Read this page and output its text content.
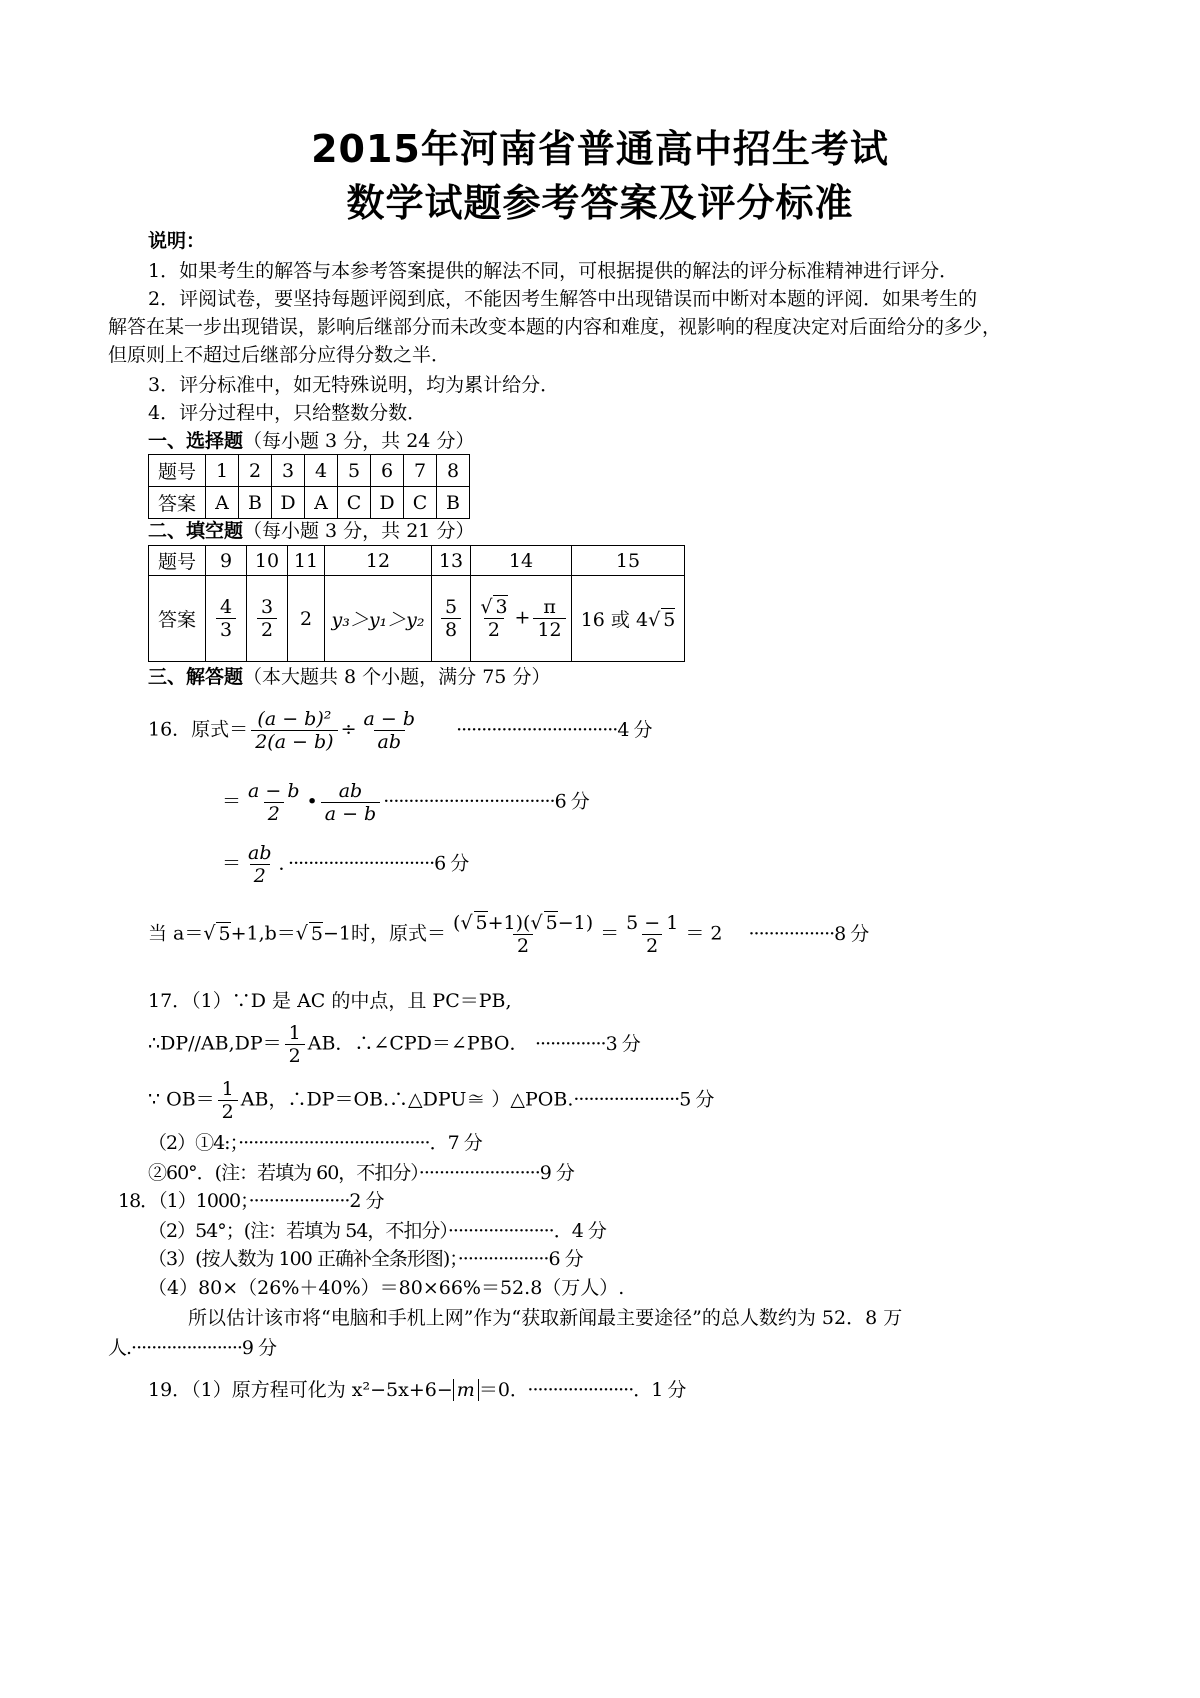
2015年河南省普通高中招生考试
数学试题参考答案及评分标准
说明：
1．如果考生的解答与本参考答案提供的解法不同，可根据提供的解法的评分标准精神进行评分．
2．评阅试卷，要坚持每题评阅到底，不能因考生解答中出现错误而中断对本题的评阅．如果考生的
解答在某一步出现错误，影响后继部分而未改变本题的内容和难度，视影响的程度决定对后面给分的多少，
但原则上不超过后继部分应得分数之半．
3．评分标准中，如无特殊说明，均为累计给分．
4．评分过程中，只给整数分数．
一、选择题（每小题 3 分，共 24 分）
题号	1	2	3	4	5	6	7	8
答案	A	B	D	A	C	D	C	B
二、填空题（每小题 3 分，共 21 分）
题号	9	10	11	12	13	14	15
答案	$\frac{4}{3}$	$\frac{3}{2}$	2	y₃＞y₁＞y₂	$\frac{5}{8}$	$\frac{√ 3}{2} + \frac{\pi}{12}$	16 或 4√ 5
三、解答题（本大题共 8 个小题，满分 75 分）
16．原式＝ $\frac{\text{(a − b)²}}{2(a - b)} \div \frac{a - b}{ab} \cdot\cdot\cdot\cdot\cdot\cdot\cdot\cdot\cdot\cdot\cdot\cdot\cdot\cdot\cdot\cdot\cdot\cdot\cdot\cdot\cdot\cdot\cdot\cdot\cdot\cdot\cdot\cdot\cdot\cdot\cdot\cdot 4$ 分
＝ $\frac{a - b}{2}$ • $\frac{ab}{a - b} \cdot\cdot\cdot\cdot\cdot\cdot\cdot\cdot\cdot\cdot\cdot\cdot\cdot\cdot\cdot\cdot\cdot\cdot\cdot\cdot\cdot\cdot\cdot\cdot\cdot\cdot\cdot\cdot\cdot\cdot\cdot\cdot\cdot\cdot 6$ 分
＝ $\frac{ab}{2}$ ．·····························6 分
当 a＝√ 5+1,b＝√ 5−1时，原式＝ $\frac{(√ 5+1)(√ 5-1)}{2} = \frac{5 - 1}{2} = 2 \cdot\cdot\cdot\cdot\cdot\cdot\cdot\cdot\cdot\cdot\cdot\cdot\cdot\cdot\cdot\cdot\cdot 8$ 分
17．（1）∵D 是 AC 的中点，且 PC＝PB,
∴DP//AB,DP＝ $\frac{1}{2}$ AB．∴∠CPD＝∠PBO． ··············3 分
∵ $OB= \frac{1}{2}$ AB，∴DP＝OB.∴△DPU≅ ）△POB.·····················5 分
（2）①4:；······································．7 分
②60°．(注：若填为 60，不扣分）························9 分
18．（1）1000；····················2 分
（2）54°；(注：若填为 54，不扣分）·····················．4 分
（3）(按人数为 100 正确补全条形图)；··················6 分
（4）80×（26%＋40%）＝80×66%＝52.8（万人）.
所以估计该市将“电脑和手机上网”作为“获取新闻最主要途径”的总人数约为 52．8 万
人.······················9 分
19．（1）原方程可化为 x²−5x+6− m ＝0． ·····················．1 分
